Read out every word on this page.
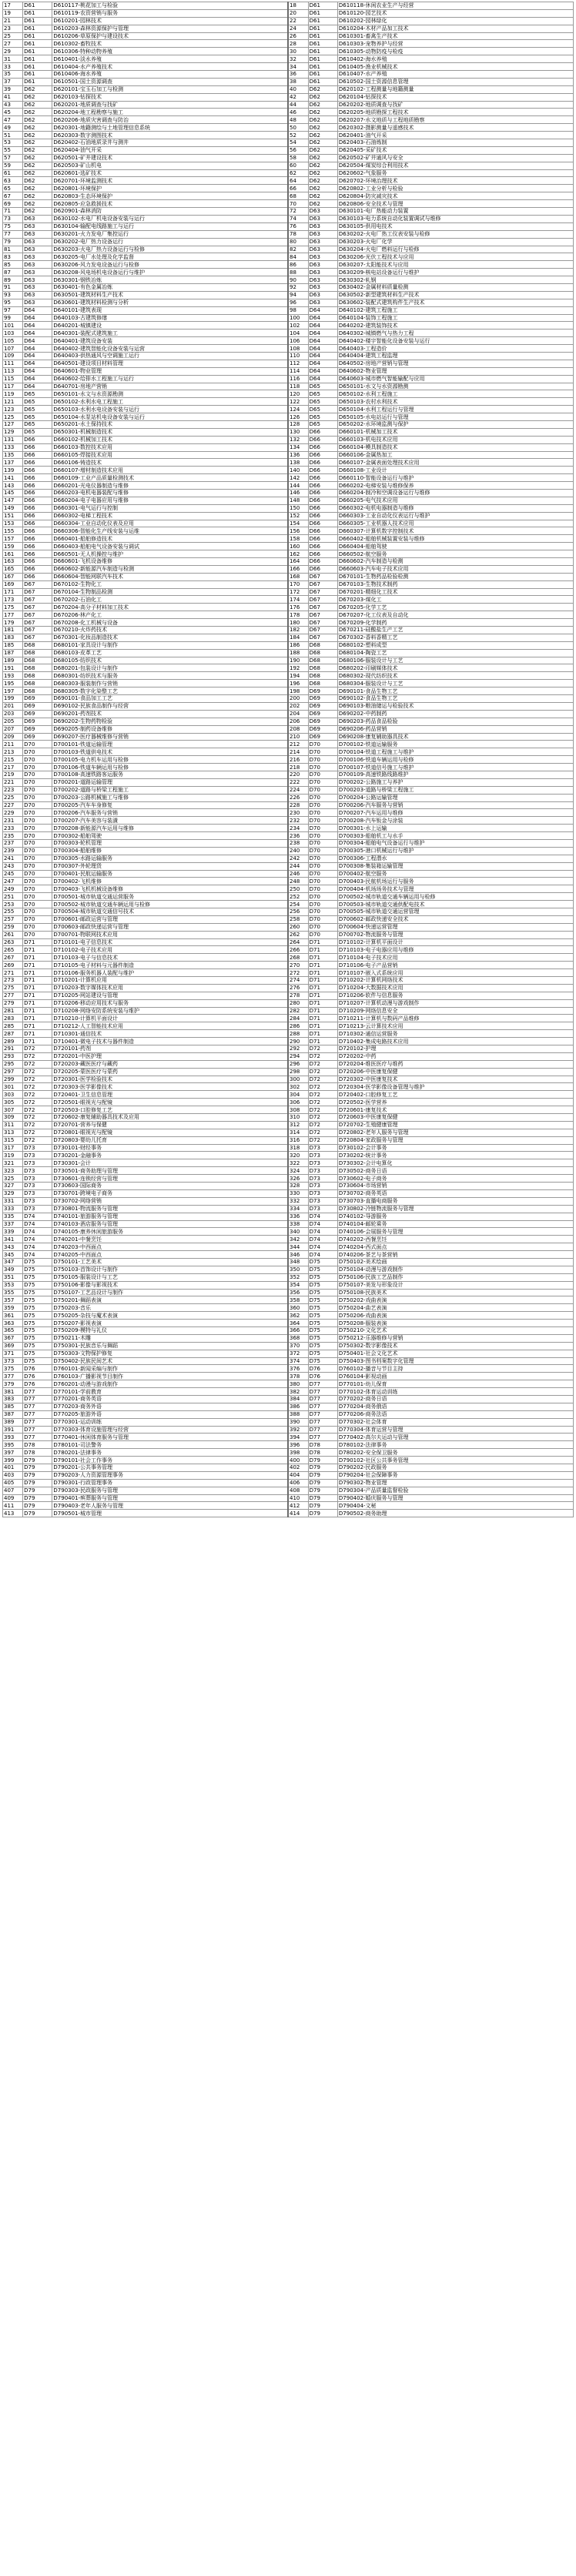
17	D61	D610117-桃花加工与检验	18	D61	D610118-休闲农业生产与经营
19	D61	D610119-农资营销与服务	20	D61	D610120-园艺技术
21	D61	D610201-园林技术	22	D61	D610202-园林绿化
23	D61	D610203-森林资源保护与管理	24	D61	D610204-木材产品加工技术
25	D61	D610206-草原保护与建设技术	26	D61	D610301-畜禽生产技术
27	D61	D610302-畜牧技术	28	D61	D610303-宠物养护与经营
29	D61	D610306-特种动物养殖	30	D61	D610305-动物防疫与检疫
31	D61	D610401-淡水养殖	32	D61	D610402-海水养殖
33	D61	D610404-水产养殖技术	34	D61	D610405-渔业机械技术
35	D61	D610406-海水养殖	36	D61	D610407-水产养殖
37	D61	D610501-国土资源调查	38	D61	D610502-国土资源信息管理
39	D62	D620101-宝玉石加工与检测	40	D62	D620102-工程测量与地籍测量
41	D62	D620103-钻探技术	42	D62	D620104-钻探技术
43	D62	D620201-地质调查与找矿	44	D62	D620202-地质调查与找矿
45	D62	D620204-地工程勘察与施工	46	D62	D620205-地质勘探工程技术
47	D62	D620206-地质灾害调查与防治	48	D62	D620207-水文地质与工程地质勘察
49	D62	D620301-地籍测绘与土地管理信息系统	50	D62	D620302-摄影测量与遥感技术
51	D62	D620303-数字测图技术	52	D62	D620401-油气开采
53	D62	D620402-石油地质录井与测井	54	D62	D620403-石油炼制
55	D62	D620404-油气开采	56	D62	D620405-采矿技术
57	D62	D620501-矿井建设技术	58	D62	D620502-矿井通风与安全
59	D62	D620503-矿山机电	60	D62	D620504-煤炭综合利用技术
61	D62	D620601-选矿技术	62	D62	D620602-气象服务
63	D62	D620701-环境监测技术	64	D62	D620702-环境治理技术
65	D62	D620801-环境保护	66	D62	D620802-工业分析与检验
67	D62	D620803-生态环境保护	68	D62	D620804-防灾减灾技术
69	D62	D620805-应急救援技术	70	D62	D620806-安全技术与管理
71	D62	D620901-森林消防	72	D63	D630101-电厂热能动力装置
73	D63	D630102-水电厂机电设备安装与运行	74	D63	D630103-电力系统自动化装置调试与维修
75	D63	D630104-输配电线路施工与运行	76	D63	D630105-供用电技术
77	D63	D630201-火力发电厂集控运行	78	D63	D630202-火电厂热工仪表安装与检修
79	D63	D630202-电厂热力设备运行	80	D63	D630203-火电厂化学
81	D63	D630203-火电厂热力设备运行与检修	82	D63	D630204-火电厂燃料运行与检修
83	D63	D630205-电厂水处理及化学监督	84	D63	D630206-光伏工程技术与应用
85	D63	D630206-风力发电设备运行与检修	86	D63	D630207-太阳能技术与应用
87	D63	D630208-风电场机电设备运行与维护	88	D63	D630209-核电站设备运行与维护
89	D63	D630301-钢铁冶炼	90	D63	D630302-轧钢
91	D63	D630401-有色金属冶炼	92	D63	D630402-金属材料质量检测
93	D63	D630501-建筑材料生产技术	94	D63	D630502-新型建筑材料生产技术
95	D63	D630601-建筑材料检测与分析	96	D63	D630602-装配式建筑构件生产技术
97	D64	D640101-建筑表现	98	D64	D640102-建筑工程施工
99	D64	D640103-古建筑修缮	100	D64	D640104-装饰工程施工
101	D64	D640201-城镇建设	102	D64	D640202-建筑装饰技术
103	D64	D640301-装配式建筑施工	104	D64	D640302-城镇燃气与热力工程
105	D64	D640401-建筑设备安装	106	D64	D640402-楼宇智能化设备安装与运行
107	D64	D640402-建筑智能化设备安装与运营	108	D64	D640403-工程造价
109	D64	D640403-供热通风与空调施工运行	110	D64	D640404-建筑工程监理
111	D64	D640501-建设项目材料管理	112	D64	D640502-房地产营销与管理
113	D64	D640601-物业管理	114	D64	D640602-物业管理
115	D64	D640602-给排水工程施工与运行	116	D64	D640603-城市燃气智能输配与应用
117	D64	D640701-房地产营销	118	D65	D650101-水文与水资源勘测
119	D65	D650101-水文与水资源勘测	120	D65	D650102-水利工程施工
121	D65	D650102-水利水电工程施工	122	D65	D650103-农村水利技术
123	D65	D650103-水利水电设备安装与运行	124	D65	D650104-水利工程运行与管理
125	D65	D650104-水泵站机电设备安装与运行	126	D65	D650105-水电站运行与管理
127	D65	D650201-水土保持技术	128	D65	D650202-水环境监测与保护
129	D65	D650301-机械制造技术	130	D66	D660101-机械加工技术
131	D66	D660102-机械加工技术	132	D66	D660103-机电技术应用
133	D66	D660103-数控技术应用	134	D66	D660104-模具制造技术
135	D66	D660105-焊接技术应用	136	D66	D660106-金属热加工
137	D66	D660106-铸造技术	138	D66	D660107-金属表面处理技术应用
139	D66	D660107-增材制造技术应用	140	D66	D660108-工业设计
141	D66	D660109-工业产品质量检测技术	142	D66	D660110-智能设备运行与维护
143	D66	D660201-光电仪器制造与维修	144	D66	D660202-电梯安装与维修保养
145	D66	D660203-电机电器装配与维修	146	D66	D660204-制冷和空调设备运行与维修
147	D66	D660204-电子电器应用与维修	148	D66	D660205-电气技术应用
149	D66	D660301-电气运行与控制	150	D66	D660302-电机电器制造与维修
151	D66	D660302-电梯工程技术	152	D66	D660303-工业自动化仪表运行与维护
153	D66	D660304-工业自动化仪表及应用	154	D66	D660305-工业机器人技术应用
155	D66	D660306-智能化生产线安装与运维	156	D66	D660307-计算机数字控制技术
157	D66	D660401-船舶修造技术	158	D66	D660402-船舶机械装置安装与维修
159	D66	D660403-船舶电气设备安装与调试	160	D66	D660404-船舶驾驶
161	D66	D660501-无人机操控与维护	162	D66	D660502-航空服务
163	D66	D660601-飞机设备维修	164	D66	D660602-汽车制造与检测
165	D66	D660602-新能源汽车制造与检测	166	D66	D660603-汽车电子技术应用
167	D66	D660604-智能网联汽车技术	168	D67	D670101-生物药品检验检测
169	D67	D670102-生物化工	170	D67	D670103-生物技术制药
171	D67	D670104-生物制品检测	172	D67	D670201-精细化工技术
173	D67	D670202-石油化工	174	D67	D670203-煤化工
175	D67	D670204-高分子材料加工技术	176	D67	D670205-化学工艺
177	D67	D670206-林产化工	178	D67	D670207-化工仪表及自动化
179	D67	D670208-化工机械与设备	180	D67	D670209-化学制药
181	D67	D670210-火炸药技术	182	D67	D670211-硅酸盐生产工艺
183	D67	D670301-化妆品制造技术	184	D67	D670302-香料香精工艺
185	D68	D680101-家具设计与制作	186	D68	D680102-塑料成型
187	D68	D680103-皮革工艺	188	D68	D680104-陶瓷工艺
189	D68	D680105-纺织技术	190	D68	D680106-服装设计与工艺
191	D68	D680201-包装设计与制作	192	D68	D680202-印刷媒体技术
193	D68	D680301-纺织技术与服务	194	D68	D680302-现代纺织技术
195	D68	D680303-服装制作与营销	196	D68	D680304-服装设计与工艺
197	D68	D680305-数字化染整工艺	198	D69	D690101-食品生物工艺
199	D69	D690101-食品加工工艺	200	D69	D690102-食品生物工艺
201	D69	D690102-民族食品制作与经营	202	D69	D690103-粮油储运与检验技术
203	D69	D690201-药剂技术	204	D69	D690202-中药制药
205	D69	D690202-生物药物检验	206	D69	D690203-药品食品检验
207	D69	D690205-制药设备维修	208	D69	D690206-药品营销
209	D69	D690207-医疗器械维修与营销	210	D69	D690208-康复辅助器具技术
211	D70	D700101-铁道运输管理	212	D70	D700102-铁道运输服务
213	D70	D700103-铁道供电技术	214	D70	D700104-铁道工程施工与维护
215	D70	D700105-电力机车运用与检修	216	D70	D700106-铁道车辆运用与检修
217	D70	D700106-铁道车辆运用与检修	218	D70	D700107-铁道信号施工与维护
219	D70	D700108-高速铁路客运服务	220	D70	D700109-高速铁路线路维护
221	D70	D700201-道路运输管理	222	D70	D700202-公路施工与养护
223	D70	D700202-道路与桥梁工程施工	224	D70	D700203-道路与桥梁工程施工
225	D70	D700203-公路机械施工与维修	226	D70	D700204-公路运输管理
227	D70	D700205-汽车车身修复	228	D70	D700206-汽车服务与营销
229	D70	D700206-汽车服务与营销	230	D70	D700207-汽车运用与维修
231	D70	D700207-汽车美容与装潢	232	D70	D700208-汽车钣金与涂装
233	D70	D700208-新能源汽车运用与维修	234	D70	D700301-水上运输
235	D70	D700302-船舶驾驶	236	D70	D700303-船舶机工与水手
237	D70	D700303-轮机管理	238	D70	D700304-船舶电气设备运行与维护
239	D70	D700304-船舶维修	240	D70	D700305-港口机械运行与维护
241	D70	D700305-水路运输服务	242	D70	D700306-工程潜水
243	D70	D700307-外轮理货	244	D70	D700308-集装箱运输管理
245	D70	D700401-民航运输服务	246	D70	D700402-航空服务
247	D70	D700402-飞机维修	248	D70	D700403-民航机场运行与服务
249	D70	D700403-飞机机械设备维修	250	D70	D700404-机场场务技术与管理
251	D70	D700501-城市轨道交通运营服务	252	D70	D700502-城市轨道交通车辆运用与检修
253	D70	D700502-城市轨道交通车辆运用与检修	254	D70	D700503-城市轨道交通供配电技术
255	D70	D700504-城市轨道交通信号技术	256	D70	D700505-城市轨道交通运营管理
257	D70	D700601-邮政运营与管理	258	D70	D700602-邮政快递安全技术
259	D70	D700603-邮政快递运营与管理	260	D70	D700604-快递运营管理
261	D70	D700701-物联网技术应用	262	D70	D700702-物流服务与管理
263	D71	D710101-电子信息技术	264	D71	D710102-计算机平面设计
265	D71	D710102-电子技术应用	266	D71	D710103-电子电器应用与维修
267	D71	D710103-电子与信息技术	268	D71	D710104-电子技术应用
269	D71	D710105-电子材料与元器件制造	270	D71	D710106-电子产品营销
271	D71	D710106-服务机器人装配与维护	272	D71	D710107-嵌入式系统应用
273	D71	D710201-计算机应用	274	D71	D710202-计算机网络技术
275	D71	D710203-数字媒体技术应用	276	D71	D710204-大数据技术应用
277	D71	D710205-网站建设与管理	278	D71	D710206-软件与信息服务
279	D71	D710206-移动应用技术与服务	280	D71	D710207-计算机动漫与游戏制作
281	D71	D710208-网络安防系统安装与维护	282	D71	D710209-网络信息安全
283	D71	D710210-计算机平面设计	284	D71	D710211-计算机与数码产品维修
285	D71	D710212-人工智能技术应用	286	D71	D710213-云计算技术应用
287	D71	D710301-通信技术	288	D71	D710302-通信运营服务
289	D71	D710401-微电子技术与器件制造	290	D71	D710402-集成电路技术应用
291	D72	D720101-药剂	292	D72	D720102-护理
293	D72	D720201-中医护理	294	D72	D720202-中药
295	D72	D720203-藏医医疗与藏药	296	D72	D720204-维医医疗与维药
297	D72	D720205-蒙医医疗与蒙药	298	D72	D720206-中医康复保健
299	D72	D720301-医学检验技术	300	D72	D720302-中医康复技术
301	D72	D720303-医学影像技术	302	D72	D720304-医学影像设备管理与维护
303	D72	D720401-卫生信息管理	304	D72	D720402-口腔修复工艺
305	D72	D720501-眼视光与配镜	306	D72	D720502-医学营养
307	D72	D720503-口腔修复工艺	308	D72	D720601-康复技术
309	D72	D720602-康复辅助器具技术及应用	310	D72	D720603-中医康复保健
311	D72	D720701-营养与保健	312	D72	D720702-生殖健康管理
313	D72	D720801-眼视光与配镜	314	D72	D720802-老年人服务与管理
315	D72	D720803-婴幼儿托育	316	D72	D720804-家政服务与管理
317	D73	D730101-财经事务	318	D73	D730102-会计事务
319	D73	D730201-金融事务	320	D73	D730202-统计事务
321	D73	D730301-会计	322	D73	D730302-会计电算化
323	D73	D730501-商务助理与管理	324	D73	D730502-商务日语
325	D73	D730601-连锁经营与管理	326	D73	D730602-电子商务
327	D73	D730603-国际商务	328	D73	D730604-市场营销
329	D73	D730701-跨境电子商务	330	D73	D730702-商务英语
331	D73	D730702-网络营销	332	D73	D730703-直播电商服务
333	D73	D730801-物流服务与管理	334	D73	D730802-冷链物流服务与管理
335	D74	D740101-旅游服务与管理	336	D74	D740102-导游服务
337	D74	D740103-酒店服务与管理	338	D74	D740104-邮轮乘务
339	D74	D740105-康养休闲旅游服务	340	D74	D740106-会展服务与管理
341	D74	D740201-中餐烹饪	342	D74	D740202-西餐烹饪
343	D74	D740203-中西面点	344	D74	D740204-西式面点
345	D74	D740205-中西面点	346	D74	D740206-茶艺与茶营销
347	D75	D750101-工艺美术	348	D75	D750102-美术绘画
349	D75	D750103-首饰设计与制作	350	D75	D750104-动漫与游戏制作
351	D75	D750105-服装设计与工艺	352	D75	D750106-民族工艺品制作
353	D75	D750106-影像与影视技术	354	D75	D750107-美发与形象设计
355	D75	D750107-工艺品设计与制作	356	D75	D750108-民族美术
357	D75	D750201-舞蹈表演	358	D75	D750202-戏曲表演
359	D75	D750203-音乐	360	D75	D750204-曲艺表演
361	D75	D750205-杂技与魔术表演	362	D75	D750206-戏曲表演
363	D75	D750207-影视表演	364	D75	D750208-服装表演
365	D75	D750209-模特与礼仪	366	D75	D750210-文化艺术
367	D75	D750211-木雕	368	D75	D750212-乐器维修与营销
369	D75	D750301-民族音乐与舞蹈	370	D75	D750302-数字影像技术
371	D75	D750303-文物保护修复	372	D75	D750401-社会文化艺术
373	D75	D750402-民族民间艺术	374	D75	D750403-图书档案数字化管理
375	D76	D760101-新闻采编与制作	376	D76	D760102-播音与节目主持
377	D76	D760103-广播影视节目制作	378	D76	D760104-影视动画
379	D76	D760201-动漫与游戏制作	380	D77	D770101-幼儿保育
381	D77	D770101-学前教育	382	D77	D770102-体育运动训练
383	D77	D770201-商务英语	384	D77	D770202-商务日语
385	D77	D770203-商务外语	386	D77	D770204-商务俄语
387	D77	D770205-旅游外语	388	D77	D770206-商务法语
389	D77	D770301-运动训练	390	D77	D770302-社会体育
391	D77	D770303-体育设施管理与经营	392	D77	D770304-体育运营与管理
393	D77	D770401-休闲体育服务与管理	394	D77	D770402-高尔夫运动与管理
395	D78	D780101-司法警务	396	D78	D780102-法律事务
397	D78	D780201-法律事务	398	D78	D780202-安全保卫服务
399	D79	D790101-社会工作事务	400	D79	D790102-社区公共事务管理
401	D79	D790201-公共事务管理	402	D79	D790202-民政服务
403	D79	D790203-人力资源管理事务	404	D79	D790204-社会保障事务
405	D79	D790301-行政管理事务	406	D79	D790302-物业管理
407	D79	D790303-民政服务与管理	408	D79	D790304-产品质量监督检验
409	D79	D790401-殡葬服务与管理	410	D79	D790402-婚庆服务与管理
411	D79	D790403-老年人服务与管理	412	D79	D790404-文秘
413	D79	D790501-城市管理	414	D79	D790502-商务助理
